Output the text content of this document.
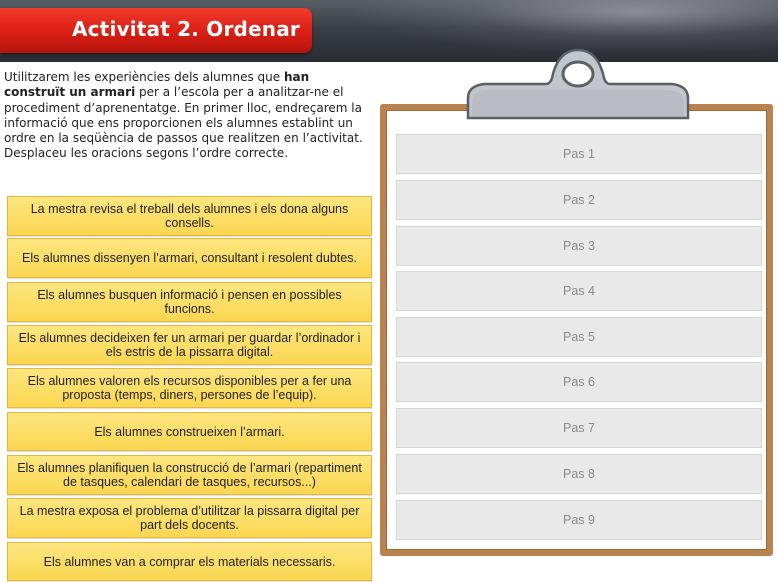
Activitat 2. Ordenar
Utilitzarem les experiències dels alumnes que han construït un armari per a l’escola per a analitzar-ne el procediment d’aprenentatge. En primer lloc, endreçarem la informació que ens proporcionen els alumnes establint un ordre en la seqüència de passos que realitzen en l’activitat. Desplaceu les oracions segons l’ordre correcte.
La mestra revisa el treball dels alumnes i els dona alguns consells.
Els alumnes dissenyen l’armari, consultant i resolent dubtes.
Els alumnes busquen informació i pensen en possibles funcions.
Els alumnes decideixen fer un armari per guardar l’ordinador i els estris de la pissarra digital.
Els alumnes valoren els recursos disponibles per a fer una proposta (temps, diners, persones de l’equip).
Els alumnes construeixen l’armari.
Els alumnes planifiquen la construcció de l’armari (repartiment de tasques, calendari de tasques, recursos...)
La mestra exposa el problema d’utilitzar la pissarra digital per part dels docents.
Els alumnes van a comprar els materials necessaris.
Pas 1
Pas 2
Pas 3
Pas 4
Pas 5
Pas 6
Pas 7
Pas 8
Pas 9
